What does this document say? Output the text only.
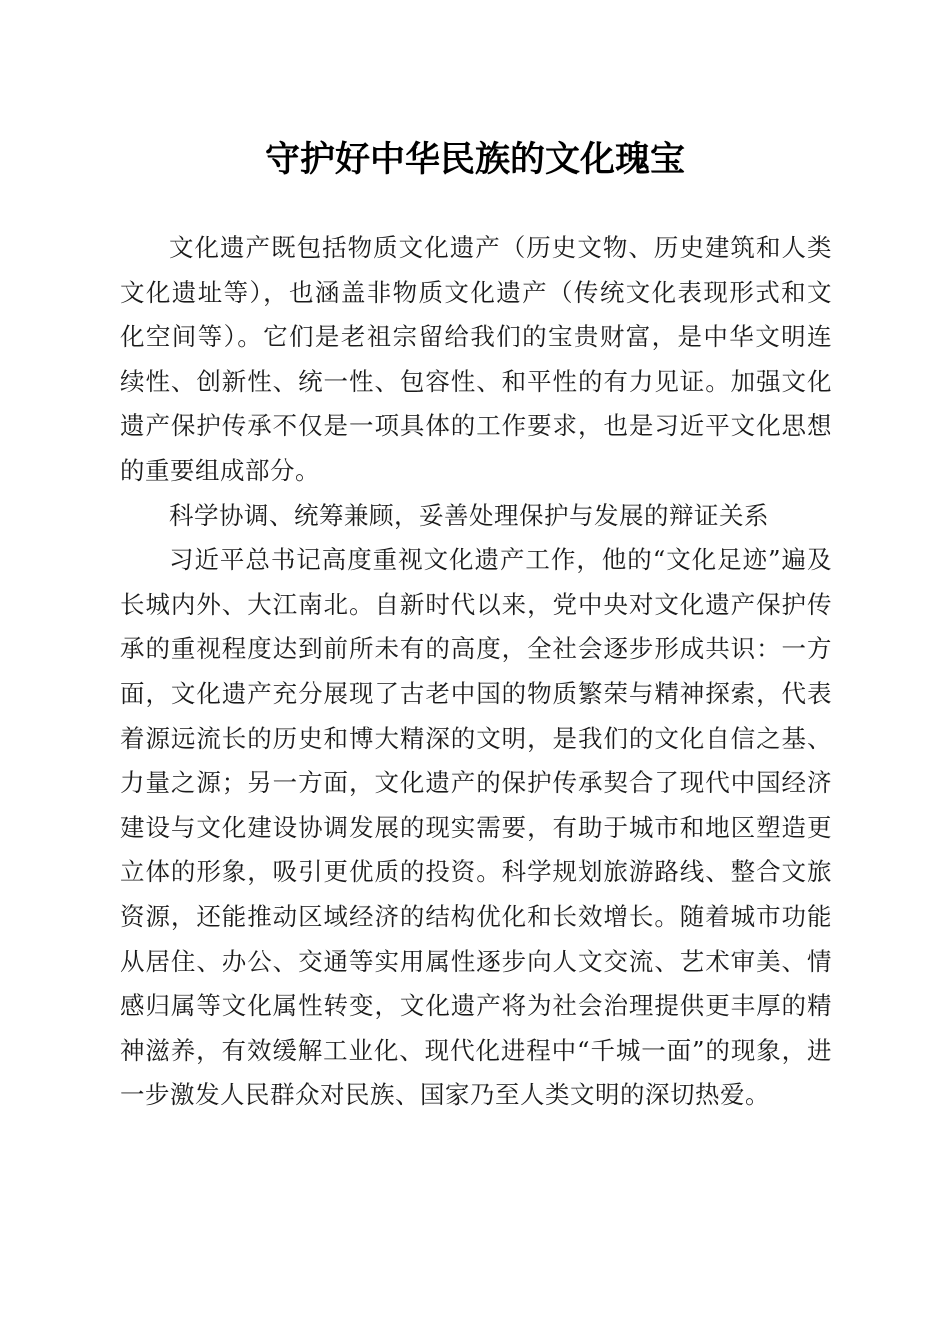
守护好中华民族的文化瑰宝

文化遗产既包括物质文化遗产（历史文物、历史建筑和人类文化遗址等），也涵盖非物质文化遗产（传统文化表现形式和文化空间等）。它们是老祖宗留给我们的宝贵财富，是中华文明连续性、创新性、统一性、包容性、和平性的有力见证。加强文化遗产保护传承不仅是一项具体的工作要求，也是习近平文化思想的重要组成部分。

科学协调、统筹兼顾，妥善处理保护与发展的辩证关系

习近平总书记高度重视文化遗产工作，他的“文化足迹”遍及长城内外、大江南北。自新时代以来，党中央对文化遗产保护传承的重视程度达到前所未有的高度，全社会逐步形成共识：一方面，文化遗产充分展现了古老中国的物质繁荣与精神探索，代表着源远流长的历史和博大精深的文明，是我们的文化自信之基、力量之源；另一方面，文化遗产的保护传承契合了现代中国经济建设与文化建设协调发展的现实需要，有助于城市和地区塑造更立体的形象，吸引更优质的投资。科学规划旅游路线、整合文旅资源，还能推动区域经济的结构优化和长效增长。随着城市功能从居住、办公、交通等实用属性逐步向人文交流、艺术审美、情感归属等文化属性转变，文化遗产将为社会治理提供更丰厚的精神滋养，有效缓解工业化、现代化进程中“千城一面”的现象，进一步激发人民群众对民族、国家乃至人类文明的深切热爱。
